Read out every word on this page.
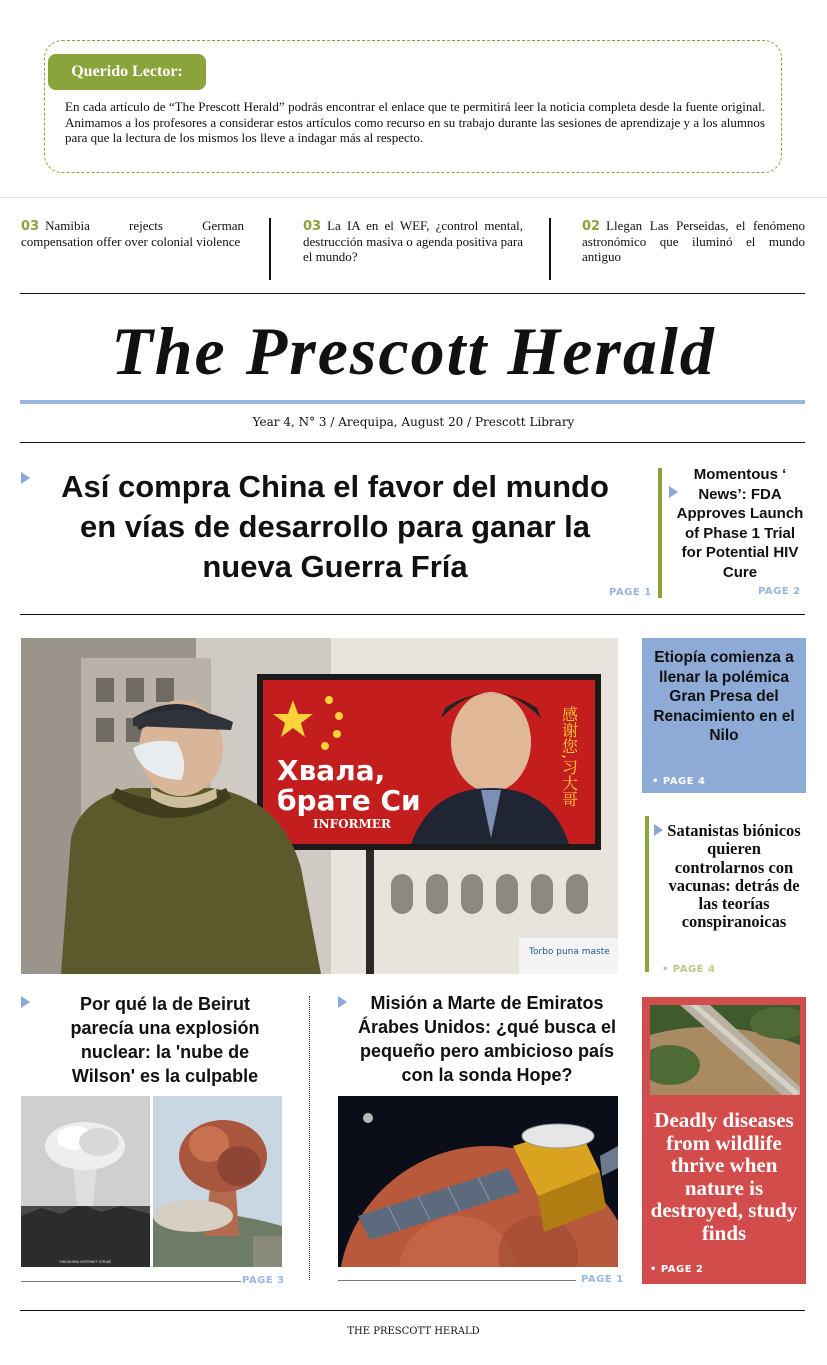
Querido Lector:
En cada artículo de “The Prescott Herald” podrás encontrar el enlace que te permitirá leer la noticia completa desde la fuente original. Animamos a los profesores a considerar estos artículos como recurso en su trabajo durante las sesiones de aprendizaje y a los alumnos para que la lectura de los mismos los lleve a indagar más al respecto.
03 Namibia rejects German compensation offer over colonial violence
03 La IA en el WEF, ¿control mental, destrucción masiva o agenda positiva para el mundo?
02 Llegan Las Perseidas, el fenómeno astronómico que iluminó el mundo antiguo
The Prescott Herald
Year 4, N° 3 / Arequipa, August 20 / Prescott Library
Así compra China el favor del mundo en vías de desarrollo para ganar la nueva Guerra Fría
PAGE 1
Momentous ‘ News’: FDA Approves Launch of Phase 1 Trial for Potential HIV Cure
PAGE 2
Хвала,
брате Си
INFORMER
感谢您,习大哥
Torbo puna maste
Etiopía comienza a llenar la polémica Gran Presa del Renacimiento en el Nilo
• PAGE 4
Satanistas biónicos quieren controlarnos con vacunas: detrás de las teorías conspiranoicas
• PAGE 4
Por qué la de Beirut parecía una explosión nuclear: la 'nube de Wilson' es la culpable
HIROSHIMA INTERNET STRIKE
PAGE 3
Misión a Marte de Emiratos Árabes Unidos: ¿qué busca el pequeño pero ambicioso país con la sonda Hope?
PAGE 1
Deadly diseases from wildlife thrive when nature is destroyed, study finds
• PAGE 2
THE PRESCOTT HERALD
